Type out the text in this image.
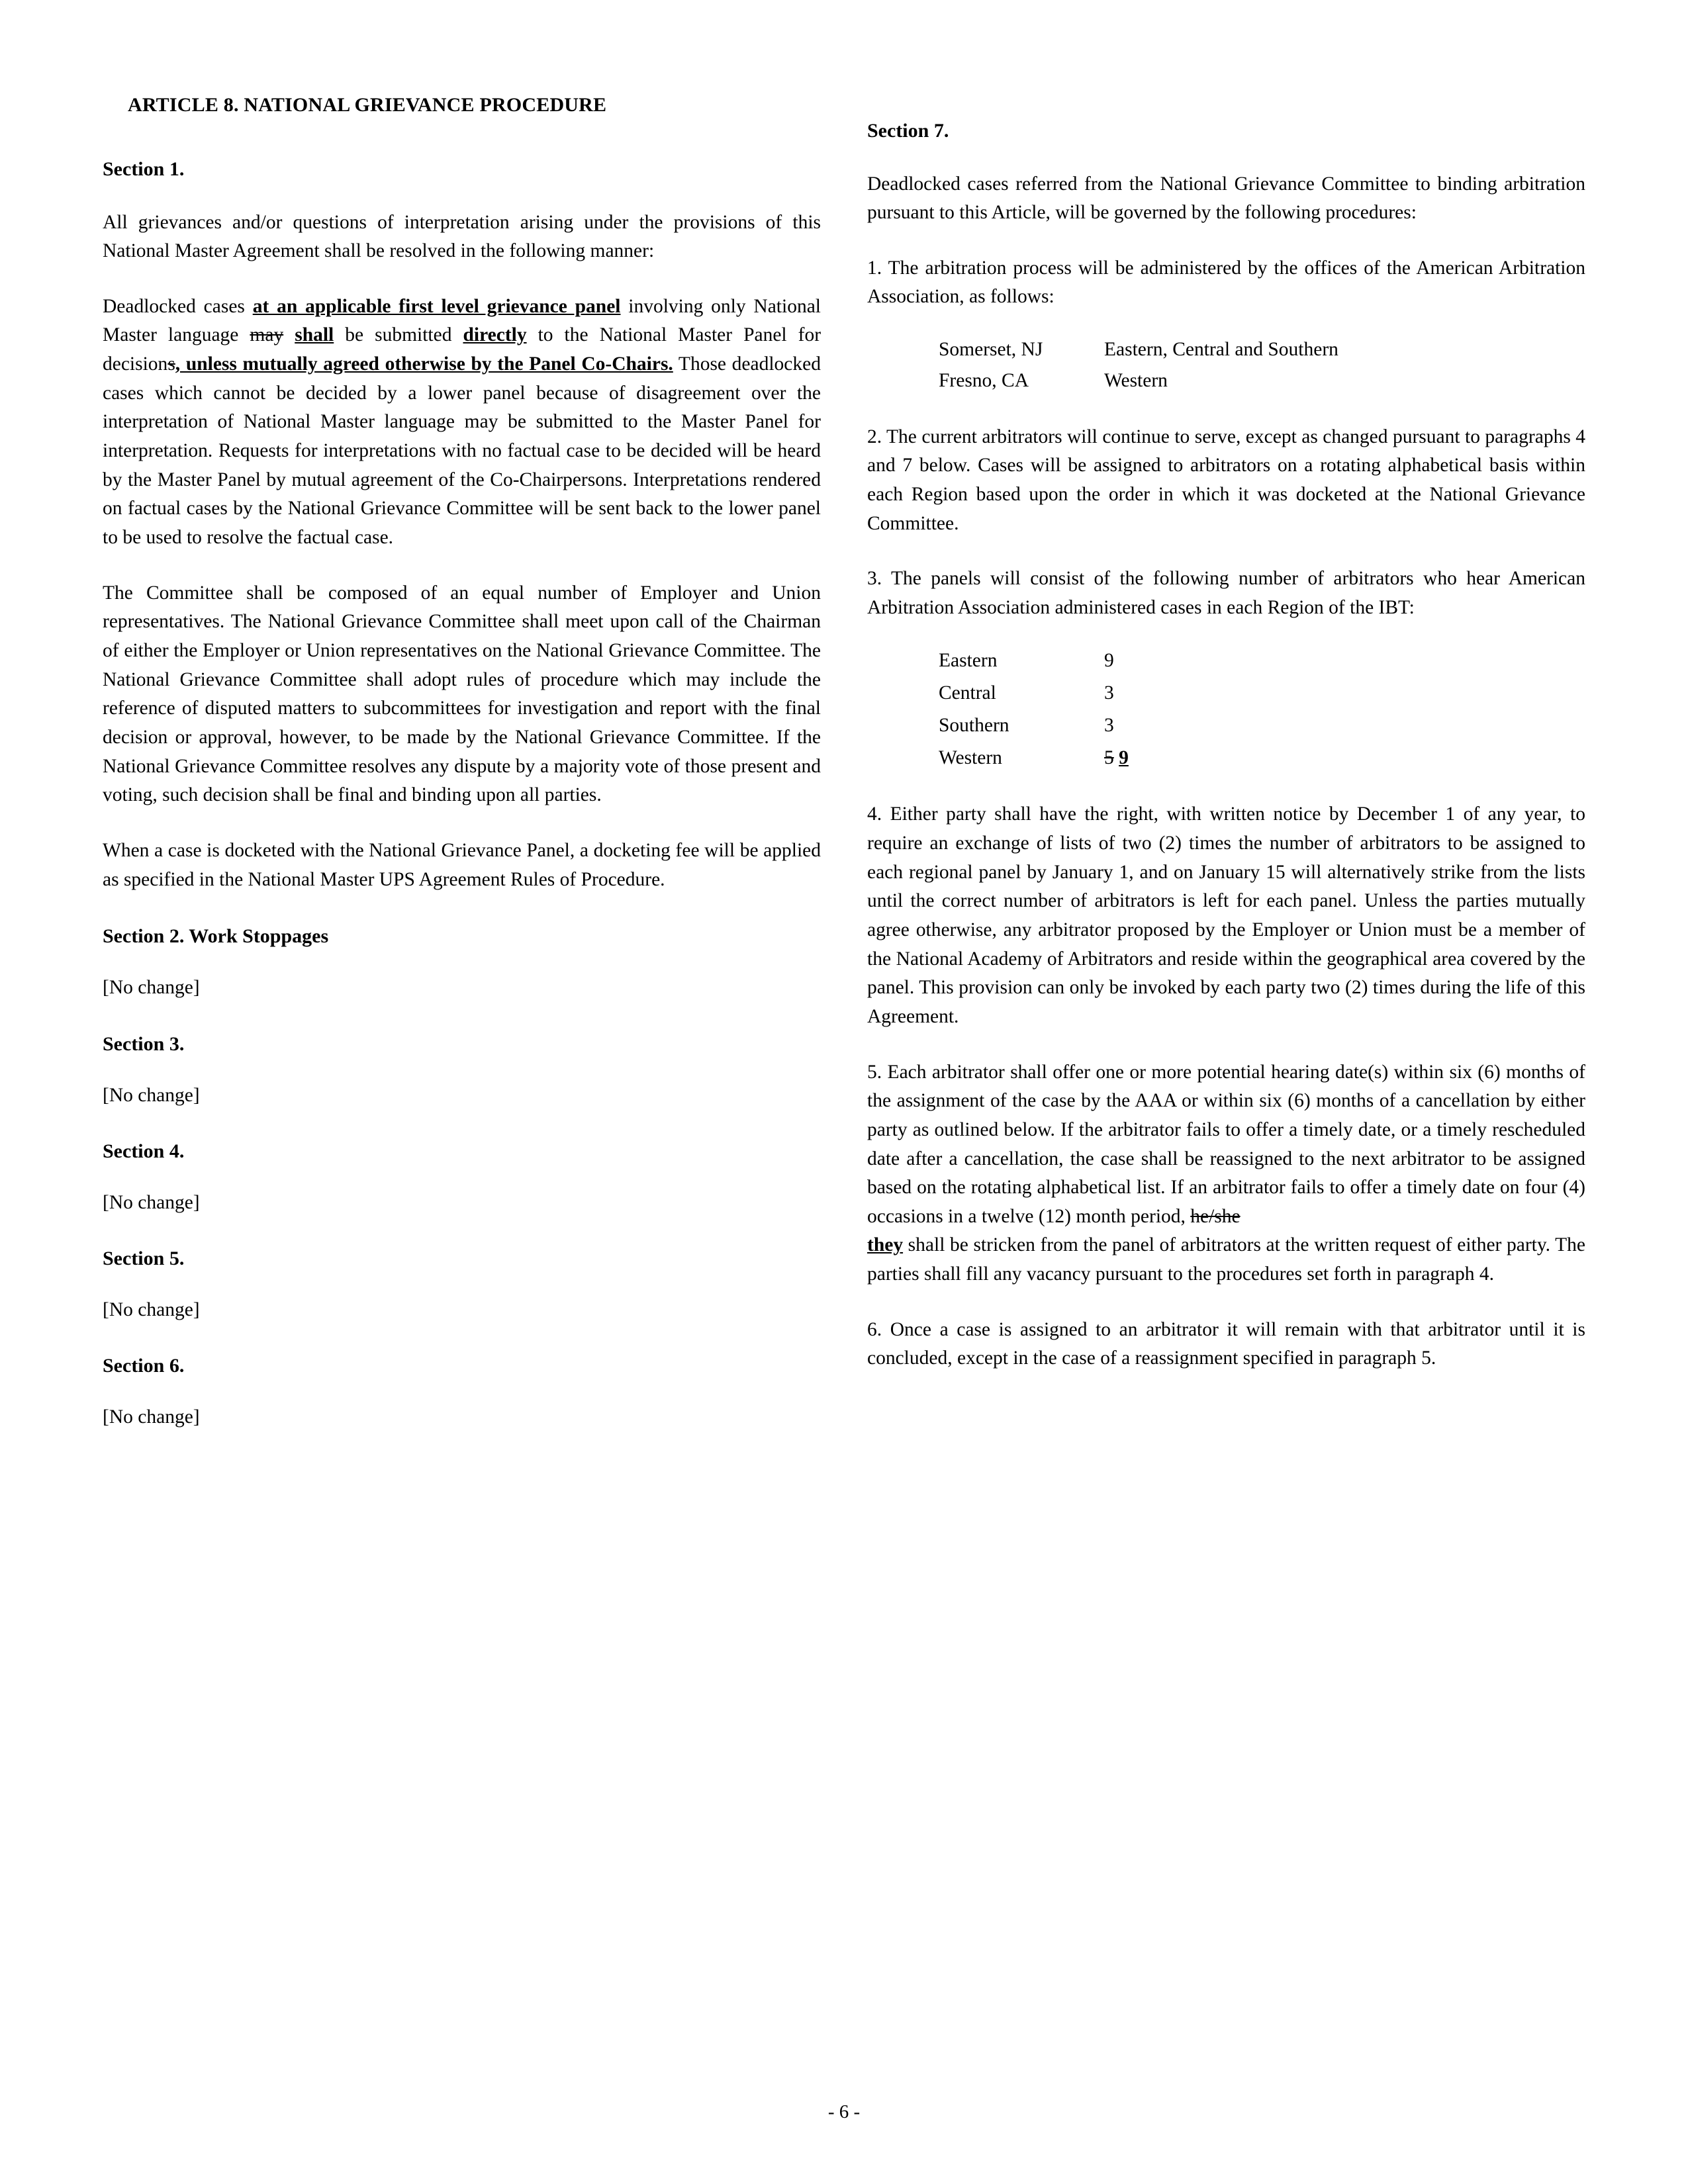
ARTICLE 8. NATIONAL GRIEVANCE PROCEDURE
Section 1.

All grievances and/or questions of interpretation arising under the provisions of this National Master Agreement shall be resolved in the following manner:

Deadlocked cases at an applicable first level grievance panel involving only National Master language may shall be submitted directly to the National Master Panel for decisions, unless mutually agreed otherwise by the Panel Co-Chairs. Those deadlocked cases which cannot be decided by a lower panel because of disagreement over the interpretation of National Master language may be submitted to the Master Panel for interpretation. Requests for interpretations with no factual case to be decided will be heard by the Master Panel by mutual agreement of the Co-Chairpersons. Interpretations rendered on factual cases by the National Grievance Committee will be sent back to the lower panel to be used to resolve the factual case.

The Committee shall be composed of an equal number of Employer and Union representatives. The National Grievance Committee shall meet upon call of the Chairman of either the Employer or Union representatives on the National Grievance Committee. The National Grievance Committee shall adopt rules of procedure which may include the reference of disputed matters to subcommittees for investigation and report with the final decision or approval, however, to be made by the National Grievance Committee. If the National Grievance Committee resolves any dispute by a majority vote of those present and voting, such decision shall be final and binding upon all parties.

When a case is docketed with the National Grievance Panel, a docketing fee will be applied as specified in the National Master UPS Agreement Rules of Procedure.

Section 2. Work Stoppages
[No change]
Section 3.
[No change]
Section 4.
[No change]
Section 5.
[No change]
Section 6.
[No change]
Section 7.

Deadlocked cases referred from the National Grievance Committee to binding arbitration pursuant to this Article, will be governed by the following procedures:

1. The arbitration process will be administered by the offices of the American Arbitration Association, as follows:

Somerset, NJ	Eastern, Central and Southern
Fresno, CA	Western

2. The current arbitrators will continue to serve, except as changed pursuant to paragraphs 4 and 7 below. Cases will be assigned to arbitrators on a rotating alphabetical basis within each Region based upon the order in which it was docketed at the National Grievance Committee.

3. The panels will consist of the following number of arbitrators who hear American Arbitration Association administered cases in each Region of the IBT:

Eastern	9
Central	3
Southern	3
Western	5 9

4. Either party shall have the right, with written notice by December 1 of any year, to require an exchange of lists of two (2) times the number of arbitrators to be assigned to each regional panel by January 1, and on January 15 will alternatively strike from the lists until the correct number of arbitrators is left for each panel. Unless the parties mutually agree otherwise, any arbitrator proposed by the Employer or Union must be a member of the National Academy of Arbitrators and reside within the geographical area covered by the panel. This provision can only be invoked by each party two (2) times during the life of this Agreement.

5. Each arbitrator shall offer one or more potential hearing date(s) within six (6) months of the assignment of the case by the AAA or within six (6) months of a cancellation by either party as outlined below. If the arbitrator fails to offer a timely date, or a timely rescheduled date after a cancellation, the case shall be reassigned to the next arbitrator to be assigned based on the rotating alphabetical list. If an arbitrator fails to offer a timely date on four (4) occasions in a twelve (12) month period, he/she
they shall be stricken from the panel of arbitrators at the written request of either party. The parties shall fill any vacancy pursuant to the procedures set forth in paragraph 4.

6. Once a case is assigned to an arbitrator it will remain with that arbitrator until it is concluded, except in the case of a reassignment specified in paragraph 5.

- 6 -
